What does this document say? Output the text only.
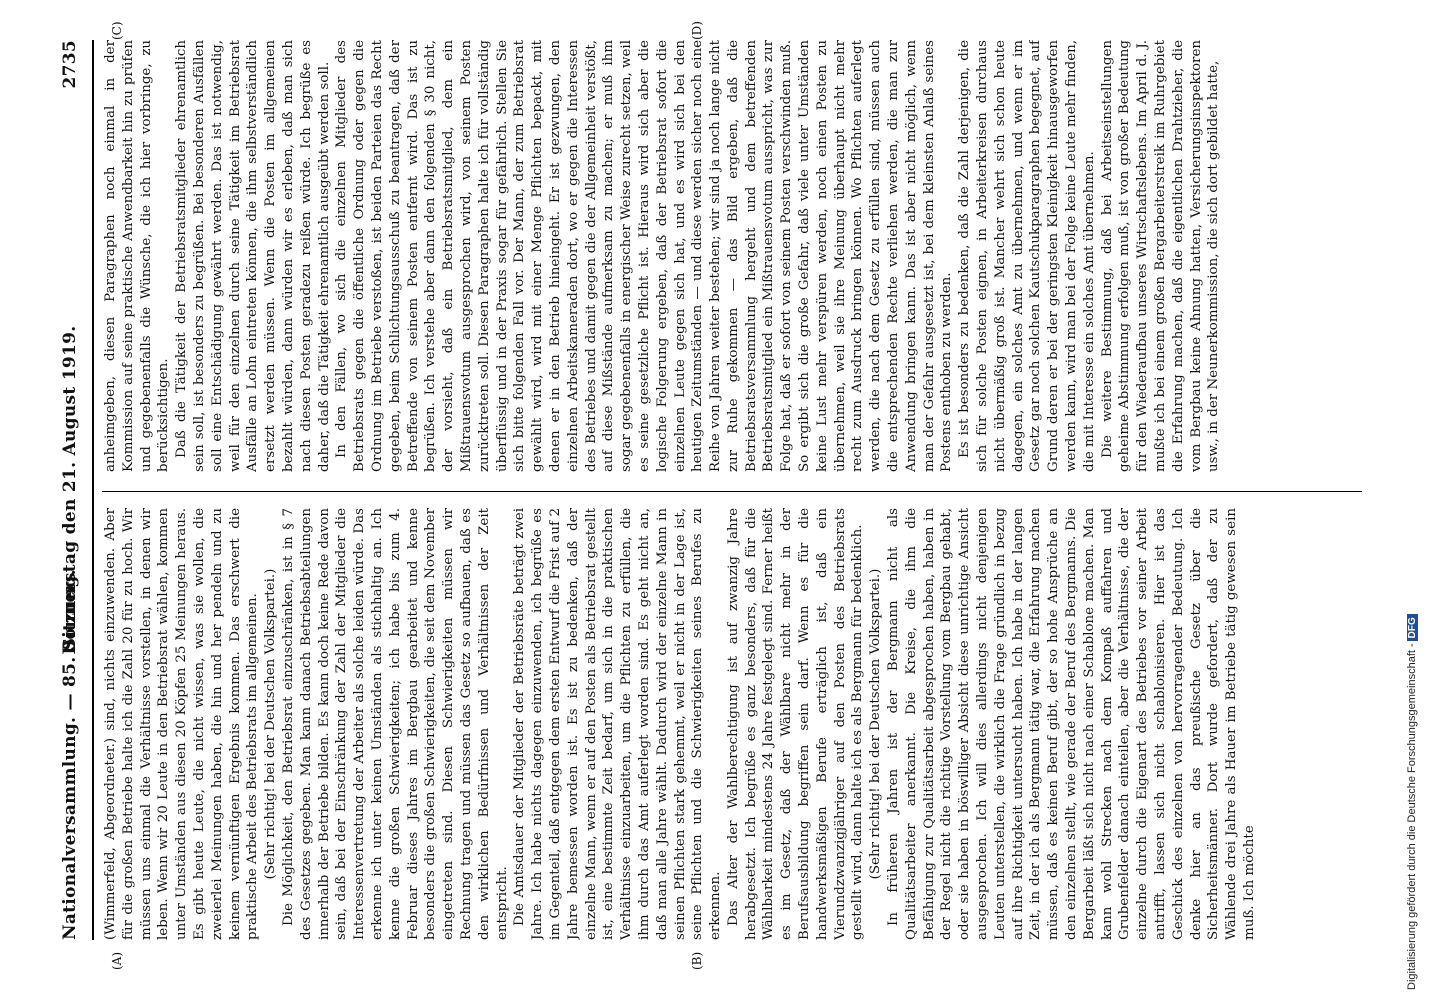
Nationalversammlung. — 85. Sitzung.
Donnerstag den 21. August 1919.
2735
(A)	(B)
(C)	(D)

(Wimmerfeld, Abgeordneter.) sind, nichts einzuwenden. Aber für die großen Betriebe halte ich die Zahl 20 für zu hoch. Wir müssen uns einmal die Verhältnisse vorstellen, in denen wir leben. Wenn wir 20 Leute in den Betriebsrat wählen, kommen unter Umständen aus diesen 20 Köpfen 25 Meinungen heraus. Es gibt heute Leute, die nicht wissen, was sie wollen, die zweierlei Meinungen haben, die hin und her pendeln und zu keinem vernünftigen Ergebnis kommen. Das erschwert die praktische Arbeit des Betriebsrats im allgemeinen. (Sehr richtig! bei der Deutschen Volkspartei.) Die Möglichkeit, den Betriebsrat einzuschränken, ist in § 7 des Gesetzes gegeben. Man kann danach Betriebsabteilungen innerhalb der Betriebe bilden. Es kann doch keine Rede davon sein, daß bei der Einschränkung der Zahl der Mitglieder die Interessenvertretung der Arbeiter als solche leiden würde. Das erkenne ich unter keinen Umständen als stichhaltig an. Ich kenne die großen Schwierigkeiten; ich habe bis zum 4. Februar dieses Jahres im Bergbau gearbeitet und kenne besonders die großen Schwierigkeiten, die seit dem November eingetreten sind. Diesen Schwierigkeiten müssen wir Rechnung tragen und müssen das Gesetz so aufbauen, daß es den wirklichen Bedürfnissen und Verhältnissen der Zeit entspricht. Die Amtsdauer der Mitglieder der Betriebsräte beträgt zwei Jahre. Ich habe nichts dagegen einzuwenden, ich begrüße es im Gegenteil, daß entgegen dem ersten Entwurf die Frist auf 2 Jahre bemessen worden ist. Es ist zu bedenken, daß der einzelne Mann, wenn er auf den Posten als Betriebsrat gestellt ist, eine bestimmte Zeit bedarf, um sich in die praktischen Verhältnisse einzuarbeiten, um die Pflichten zu erfüllen, die ihm durch das Amt auferlegt worden sind. Es geht nicht an, daß man alle Jahre wählt. Dadurch wird der einzelne Mann in seinen Pflichten stark gehemmt, weil er nicht in der Lage ist, seine Pflichten und die Schwierigkeiten seines Berufes zu erkennen. Das Alter der Wahlberechtigung ist auf zwanzig Jahre herabgesetzt. Ich begrüße es ganz besonders, daß für die Wählbarkeit mindestens 24 Jahre festgelegt sind. Ferner heißt es im Gesetz, daß der Wählbare nicht mehr in der Berufsausbildung begriffen sein darf. Wenn es für die handwerksmäßigen Berufe erträglich ist, daß ein Vierundzwanzigjähriger auf den Posten des Betriebsrats gestellt wird, dann halte ich es als Bergmann für bedenklich. (Sehr richtig! bei der Deutschen Volkspartei.) In früheren Jahren ist der Bergmann nicht als Qualitätsarbeiter anerkannt. Die Kreise, die ihm die Befähigung zur Qualitätsarbeit abgesprochen haben, haben in der Regel nicht die richtige Vorstellung vom Bergbau gehabt, oder sie haben in böswilliger Absicht diese unrichtige Ansicht ausgesprochen. Ich will dies allerdings nicht denjenigen Leuten unterstellen, die wirklich die Frage gründlich in bezug auf ihre Richtigkeit untersucht haben. Ich habe in der langen Zeit, in der ich als Bergmann tätig war, die Erfahrung machen müssen, daß es keinen Beruf gibt, der so hohe Ansprüche an den einzelnen stellt, wie gerade der Beruf des Bergmanns. Die Bergarbeit läßt sich nicht nach einer Schablone machen. Man kann wohl Strecken nach dem Kompaß auffahren und Grubenfelder danach einteilen, aber die Verhältnisse, die der einzelne durch die Eigenart des Betriebes vor seiner Arbeit antrifft, lassen sich nicht schablonisieren. Hier ist das Geschick des einzelnen von hervorragender Bedeutung. Ich denke hier an das preußische Gesetz über die Sicherheitsmänner. Dort wurde gefordert, daß der zu Wählende drei Jahre als Hauer im Betriebe tätig gewesen sein muß. Ich möchte

anheimgeben, diesen Paragraphen noch einmal in der Kommission auf seine praktische Anwendbarkeit hin zu prüfen und gegebenenfalls die Wünsche, die ich hier vorbringe, zu berücksichtigen. Daß die Tätigkeit der Betriebsratsmitglieder ehrenamtlich sein soll, ist besonders zu begrüßen. Bei besonderen Ausfällen soll eine Entschädigung gewährt werden. Das ist notwendig, weil für den einzelnen durch seine Tätigkeit im Betriebsrat Ausfälle an Lohn eintreten können, die ihm selbstverständlich ersetzt werden müssen. Wenn die Posten im allgemeinen bezahlt würden, dann würden wir es erleben, daß man sich nach diesen Posten geradezu reißen würde. Ich begrüße es daher, daß die Tätigkeit ehrenamtlich ausgeübt werden soll. In den Fällen, wo sich die einzelnen Mitglieder des Betriebsrats gegen die öffentliche Ordnung oder gegen die Ordnung im Betriebe verstoßen, ist beiden Parteien das Recht gegeben, beim Schlichtungsausschuß zu beantragen, daß der Betreffende von seinem Posten entfernt wird. Das ist zu begrüßen. Ich verstehe aber dann den folgenden § 30 nicht, der vorsieht, daß ein Betriebsratsmitglied, dem ein Mißtrauensvotum ausgesprochen wird, von seinem Posten zurücktreten soll. Diesen Paragraphen halte ich für vollständig überflüssig und in der Praxis sogar für gefährlich. Stellen Sie sich bitte folgenden Fall vor. Der Mann, der zum Betriebsrat gewählt wird, wird mit einer Menge Pflichten bepackt, mit denen er in den Betrieb hineingeht. Er ist gezwungen, den einzelnen Arbeitskameraden dort, wo er gegen die Interessen des Betriebes und damit gegen die der Allgemeinheit verstößt, auf diese Mißstände aufmerksam zu machen; er muß ihm sogar gegebenenfalls in energischer Weise zurecht setzen, weil es seine gesetzliche Pflicht ist. Hieraus wird sich aber die logische Folgerung ergeben, daß der Betriebsrat sofort die einzelnen Leute gegen sich hat, und es wird sich bei den heutigen Zeitumständen — und diese werden sicher noch eine Reihe von Jahren weiter bestehen; wir sind ja noch lange nicht zur Ruhe gekommen — das Bild ergeben, daß die Betriebsratsversammlung hergeht und dem betreffenden Betriebsratsmitglied ein Mißtrauensvotum ausspricht, was zur Folge hat, daß er sofort von seinem Posten verschwinden muß. So ergibt sich die große Gefahr, daß viele unter Umständen keine Lust mehr verspüren werden, noch einen Posten zu übernehmen, weil sie ihre Meinung überhaupt nicht mehr recht zum Ausdruck bringen können. Wo Pflichten auferlegt werden, die nach dem Gesetz zu erfüllen sind, müssen auch die entsprechenden Rechte verliehen werden, die man zur Anwendung bringen kann. Das ist aber nicht möglich, wenn man der Gefahr ausgesetzt ist, bei dem kleinsten Anlaß seines Postens enthoben zu werden. Es ist besonders zu bedenken, daß die Zahl derjenigen, die sich für solche Posten eignen, in Arbeiterkreisen durchaus nicht übermäßig groß ist. Mancher wehrt sich schon heute dagegen, ein solches Amt zu übernehmen, und wenn er im Gesetz gar noch solchen Kautschukparagraphen begegnet, auf Grund deren er bei der geringsten Kleinigkeit hinausgeworfen werden kann, wird man bei der Folge keine Leute mehr finden, die mit Interesse ein solches Amt übernehmen. Die weitere Bestimmung, daß bei Arbeitseinstellungen geheime Abstimmung erfolgen muß, ist von großer Bedeutung für den Wiederaufbau unseres Wirtschaftslebens. Im April d. J. mußte ich bei einem großen Bergarbeiterstreik im Ruhrgebiet die Erfahrung machen, daß die eigentlichen Drahtzieher, die vom Bergbau keine Ahnung hatten, Versicherungsinspektoren usw., in der Neunerkommission, die sich dort gebildet hatte,

Digitalisierung gefördert durch die Deutsche Forschungsgemeinschaft -DFG
